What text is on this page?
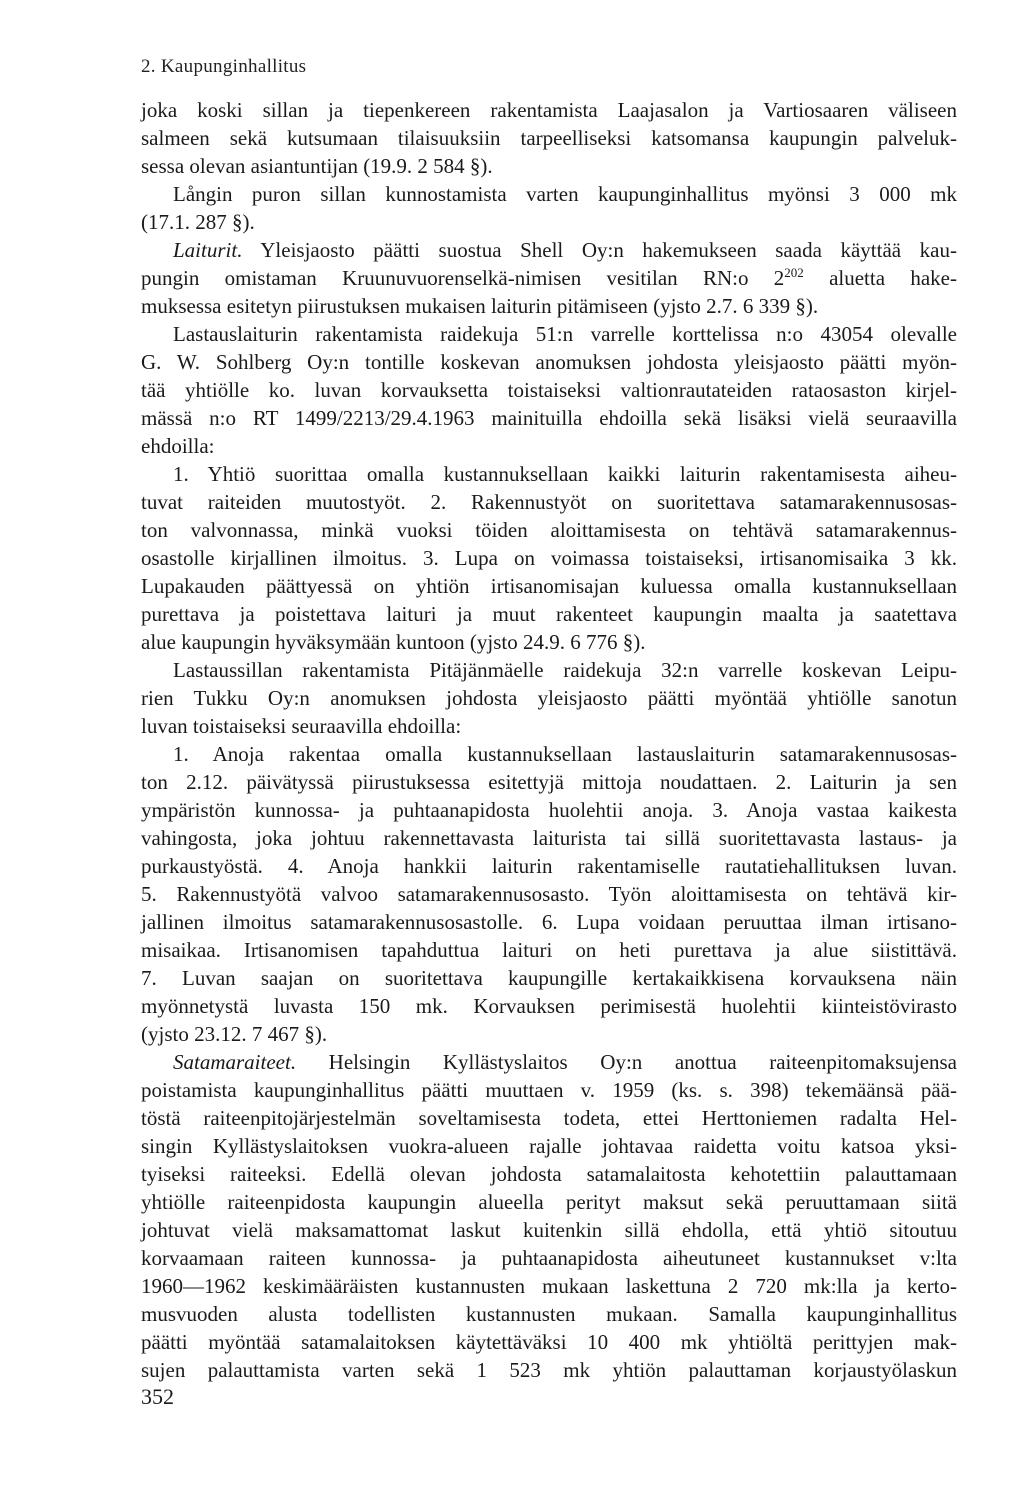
2. Kaupunginhallitus
joka koski sillan ja tiepenkereen rakentamista Laajasalon ja Vartiosaaren väliseen
salmeen sekä kutsumaan tilaisuuksiin tarpeelliseksi katsomansa kaupungin palveluk-
sessa olevan asiantuntijan (19.9. 2 584 §).
Långin puron sillan kunnostamista varten kaupunginhallitus myönsi 3 000 mk
(17.1. 287 §).
Laiturit. Yleisjaosto päätti suostua Shell Oy:n hakemukseen saada käyttää kau-
pungin omistaman Kruunuvuorenselkä-nimisen vesitilan RN:o $2^{202}$ aluetta hake-
muksessa esitetyn piirustuksen mukaisen laiturin pitämiseen (yjsto 2.7. 6 339 §).
Lastauslaiturin rakentamista raidekuja 51:n varrelle korttelissa n:o 43054 olevalle
G. W. Sohlberg Oy:n tontille koskevan anomuksen johdosta yleisjaosto päätti myön-
tää yhtiölle ko. luvan korvauksetta toistaiseksi valtionrautateiden rataosaston kirjel-
mässä n:o RT 1499/2213/29.4.1963 mainituilla ehdoilla sekä lisäksi vielä seuraavilla
ehdoilla:
1. Yhtiö suorittaa omalla kustannuksellaan kaikki laiturin rakentamisesta aiheu-
tuvat raiteiden muutostyöt. 2. Rakennustyöt on suoritettava satamarakennusosas-
ton valvonnassa, minkä vuoksi töiden aloittamisesta on tehtävä satamarakennus-
osastolle kirjallinen ilmoitus. 3. Lupa on voimassa toistaiseksi, irtisanomisaika 3 kk.
Lupakauden päättyessä on yhtiön irtisanomisajan kuluessa omalla kustannuksellaan
purettava ja poistettava laituri ja muut rakenteet kaupungin maalta ja saatettava
alue kaupungin hyväksymään kuntoon (yjsto 24.9. 6 776 §).
Lastaussillan rakentamista Pitäjänmäelle raidekuja 32:n varrelle koskevan Leipu-
rien Tukku Oy:n anomuksen johdosta yleisjaosto päätti myöntää yhtiölle sanotun
luvan toistaiseksi seuraavilla ehdoilla:
1. Anoja rakentaa omalla kustannuksellaan lastauslaiturin satamarakennusosas-
ton 2.12. päivätyssä piirustuksessa esitettyjä mittoja noudattaen. 2. Laiturin ja sen
ympäristön kunnossa- ja puhtaanapidosta huolehtii anoja. 3. Anoja vastaa kaikesta
vahingosta, joka johtuu rakennettavasta laiturista tai sillä suoritettavasta lastaus- ja
purkaustyöstä. 4. Anoja hankkii laiturin rakentamiselle rautatiehallituksen luvan.
5. Rakennustyötä valvoo satamarakennusosasto. Työn aloittamisesta on tehtävä kir-
jallinen ilmoitus satamarakennusosastolle. 6. Lupa voidaan peruuttaa ilman irtisano-
misaikaa. Irtisanomisen tapahduttua laituri on heti purettava ja alue siistittävä.
7. Luvan saajan on suoritettava kaupungille kertakaikkisena korvauksena näin
myönnetystä luvasta 150 mk. Korvauksen perimisestä huolehtii kiinteistövirasto
(yjsto 23.12. 7 467 §).
Satamaraiteet. Helsingin Kyllästyslaitos Oy:n anottua raiteenpitomaksujensa
poistamista kaupunginhallitus päätti muuttaen v. 1959 (ks. s. 398) tekemäänsä pää-
töstä raiteenpitojärjestelmän soveltamisesta todeta, ettei Herttoniemen radalta Hel-
singin Kyllästyslaitoksen vuokra-alueen rajalle johtavaa raidetta voitu katsoa yksi-
tyiseksi raiteeksi. Edellä olevan johdosta satamalaitosta kehotettiin palauttamaan
yhtiölle raiteenpidosta kaupungin alueella perityt maksut sekä peruuttamaan siitä
johtuvat vielä maksamattomat laskut kuitenkin sillä ehdolla, että yhtiö sitoutuu
korvaamaan raiteen kunnossa- ja puhtaanapidosta aiheutuneet kustannukset v:lta
1960—1962 keskimääräisten kustannusten mukaan laskettuna 2 720 mk:lla ja kerto-
musvuoden alusta todellisten kustannusten mukaan. Samalla kaupunginhallitus
päätti myöntää satamalaitoksen käytettäväksi 10 400 mk yhtiöltä perittyjen mak-
sujen palauttamista varten sekä 1 523 mk yhtiön palauttaman korjaustyölaskun
352
